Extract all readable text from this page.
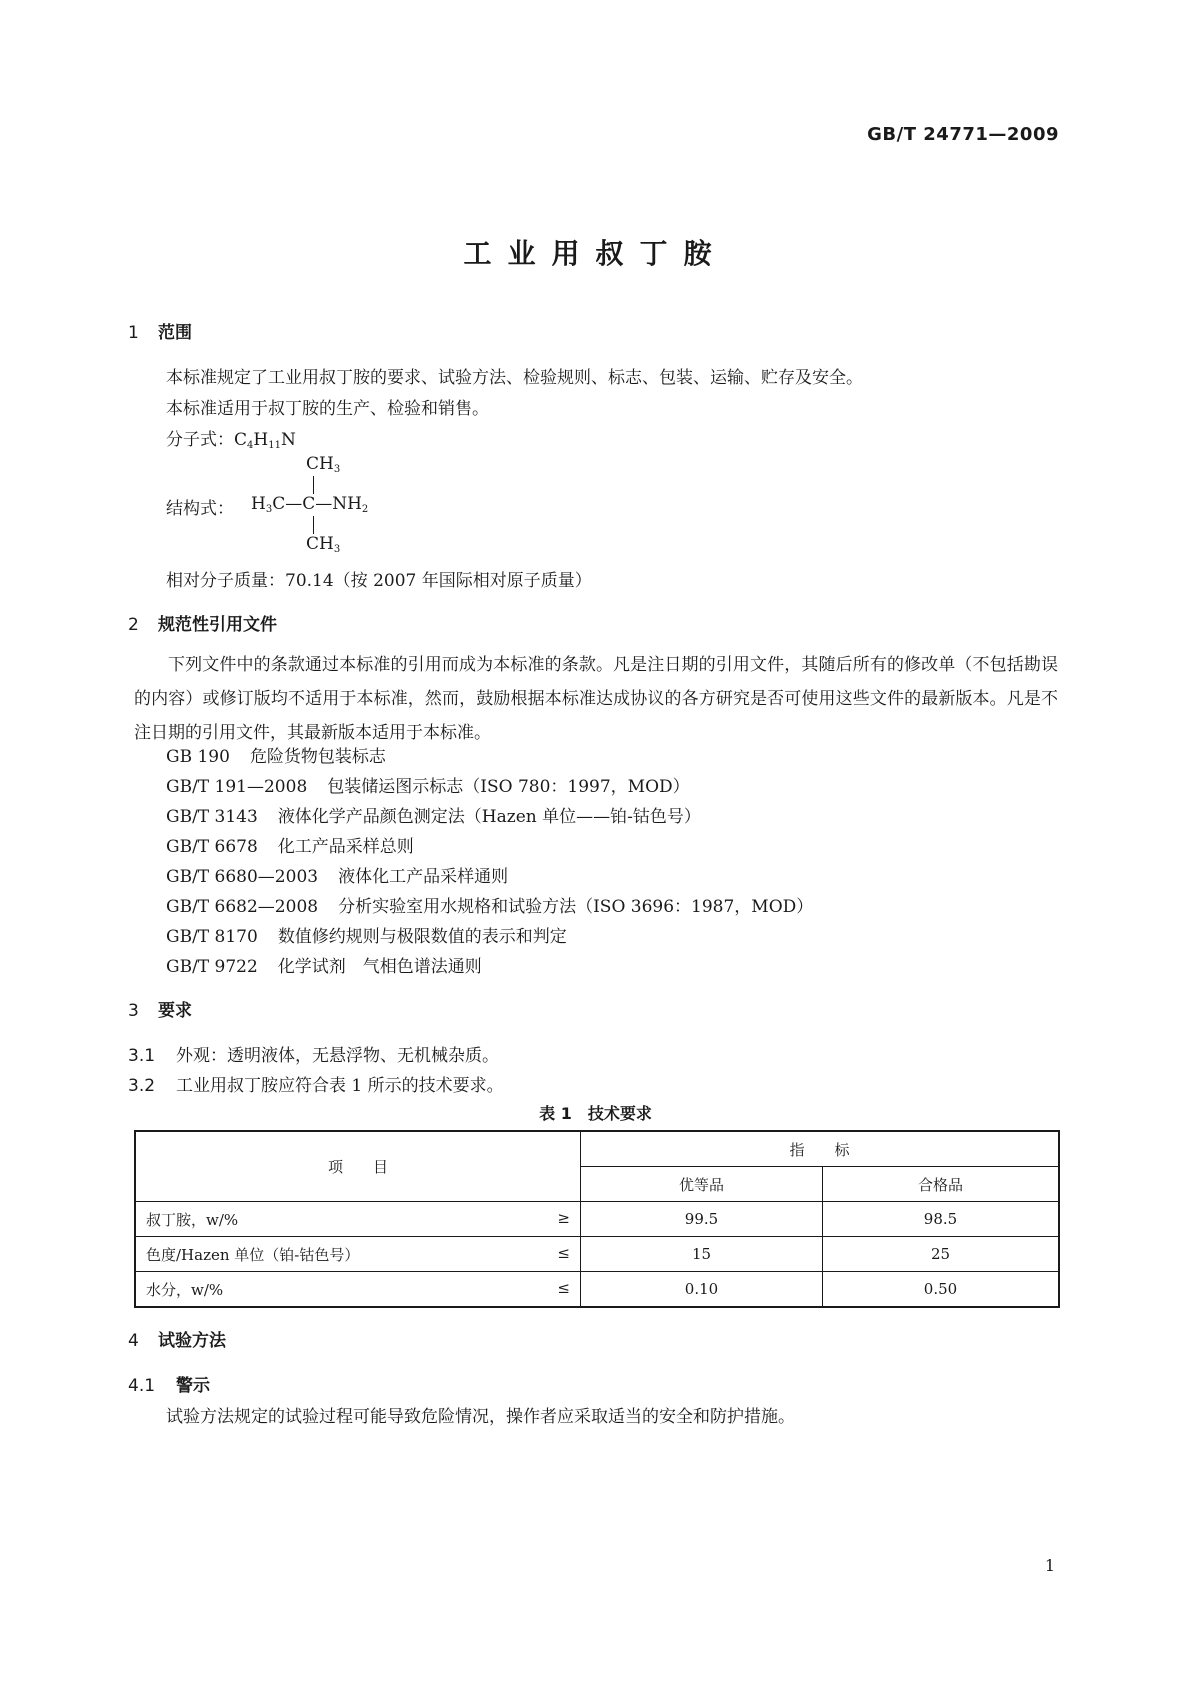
GB/T 24771—2009
工业用叔丁胺
1 范围
本标准规定了工业用叔丁胺的要求、试验方法、检验规则、标志、包装、运输、贮存及安全。
本标准适用于叔丁胺的生产、检验和销售。
分子式：$C_4H_{11}N$
$CH_3$
结构式： $H_3C—C—NH_2$
$CH_3$
相对分子质量：70.14（按 2007 年国际相对原子质量）
2 规范性引用文件
下列文件中的条款通过本标准的引用而成为本标准的条款。凡是注日期的引用文件，其随后所有的修改单（不包括勘误的内容）或修订版均不适用于本标准，然而，鼓励根据本标准达成协议的各方研究是否可使用这些文件的最新版本。凡是不注日期的引用文件，其最新版本适用于本标准。
GB 190 危险货物包装标志
GB/T 191—2008 包装储运图示标志（ISO 780：1997，MOD）
GB/T 3143 液体化学产品颜色测定法（Hazen 单位——铂-钴色号）
GB/T 6678 化工产品采样总则
GB/T 6680—2003 液体化工产品采样通则
GB/T 6682—2008 分析实验室用水规格和试验方法（ISO 3696：1987，MOD）
GB/T 8170 数值修约规则与极限数值的表示和判定
GB/T 9722 化学试剂　气相色谱法通则
3 要求
3.1 外观：透明液体，无悬浮物、无机械杂质。
3.2 工业用叔丁胺应符合表 1 所示的技术要求。
表 1　技术要求
项　　目	指　　标	
	优等品	合格品

叔丁胺，w/% ≥	99.5	98.5

色度/Hazen 单位（铂-钴色号） ≤	15	25

水分，w/% ≤	0.10	0.50
4 试验方法
4.1 警示
试验方法规定的试验过程可能导致危险情况，操作者应采取适当的安全和防护措施。
1
